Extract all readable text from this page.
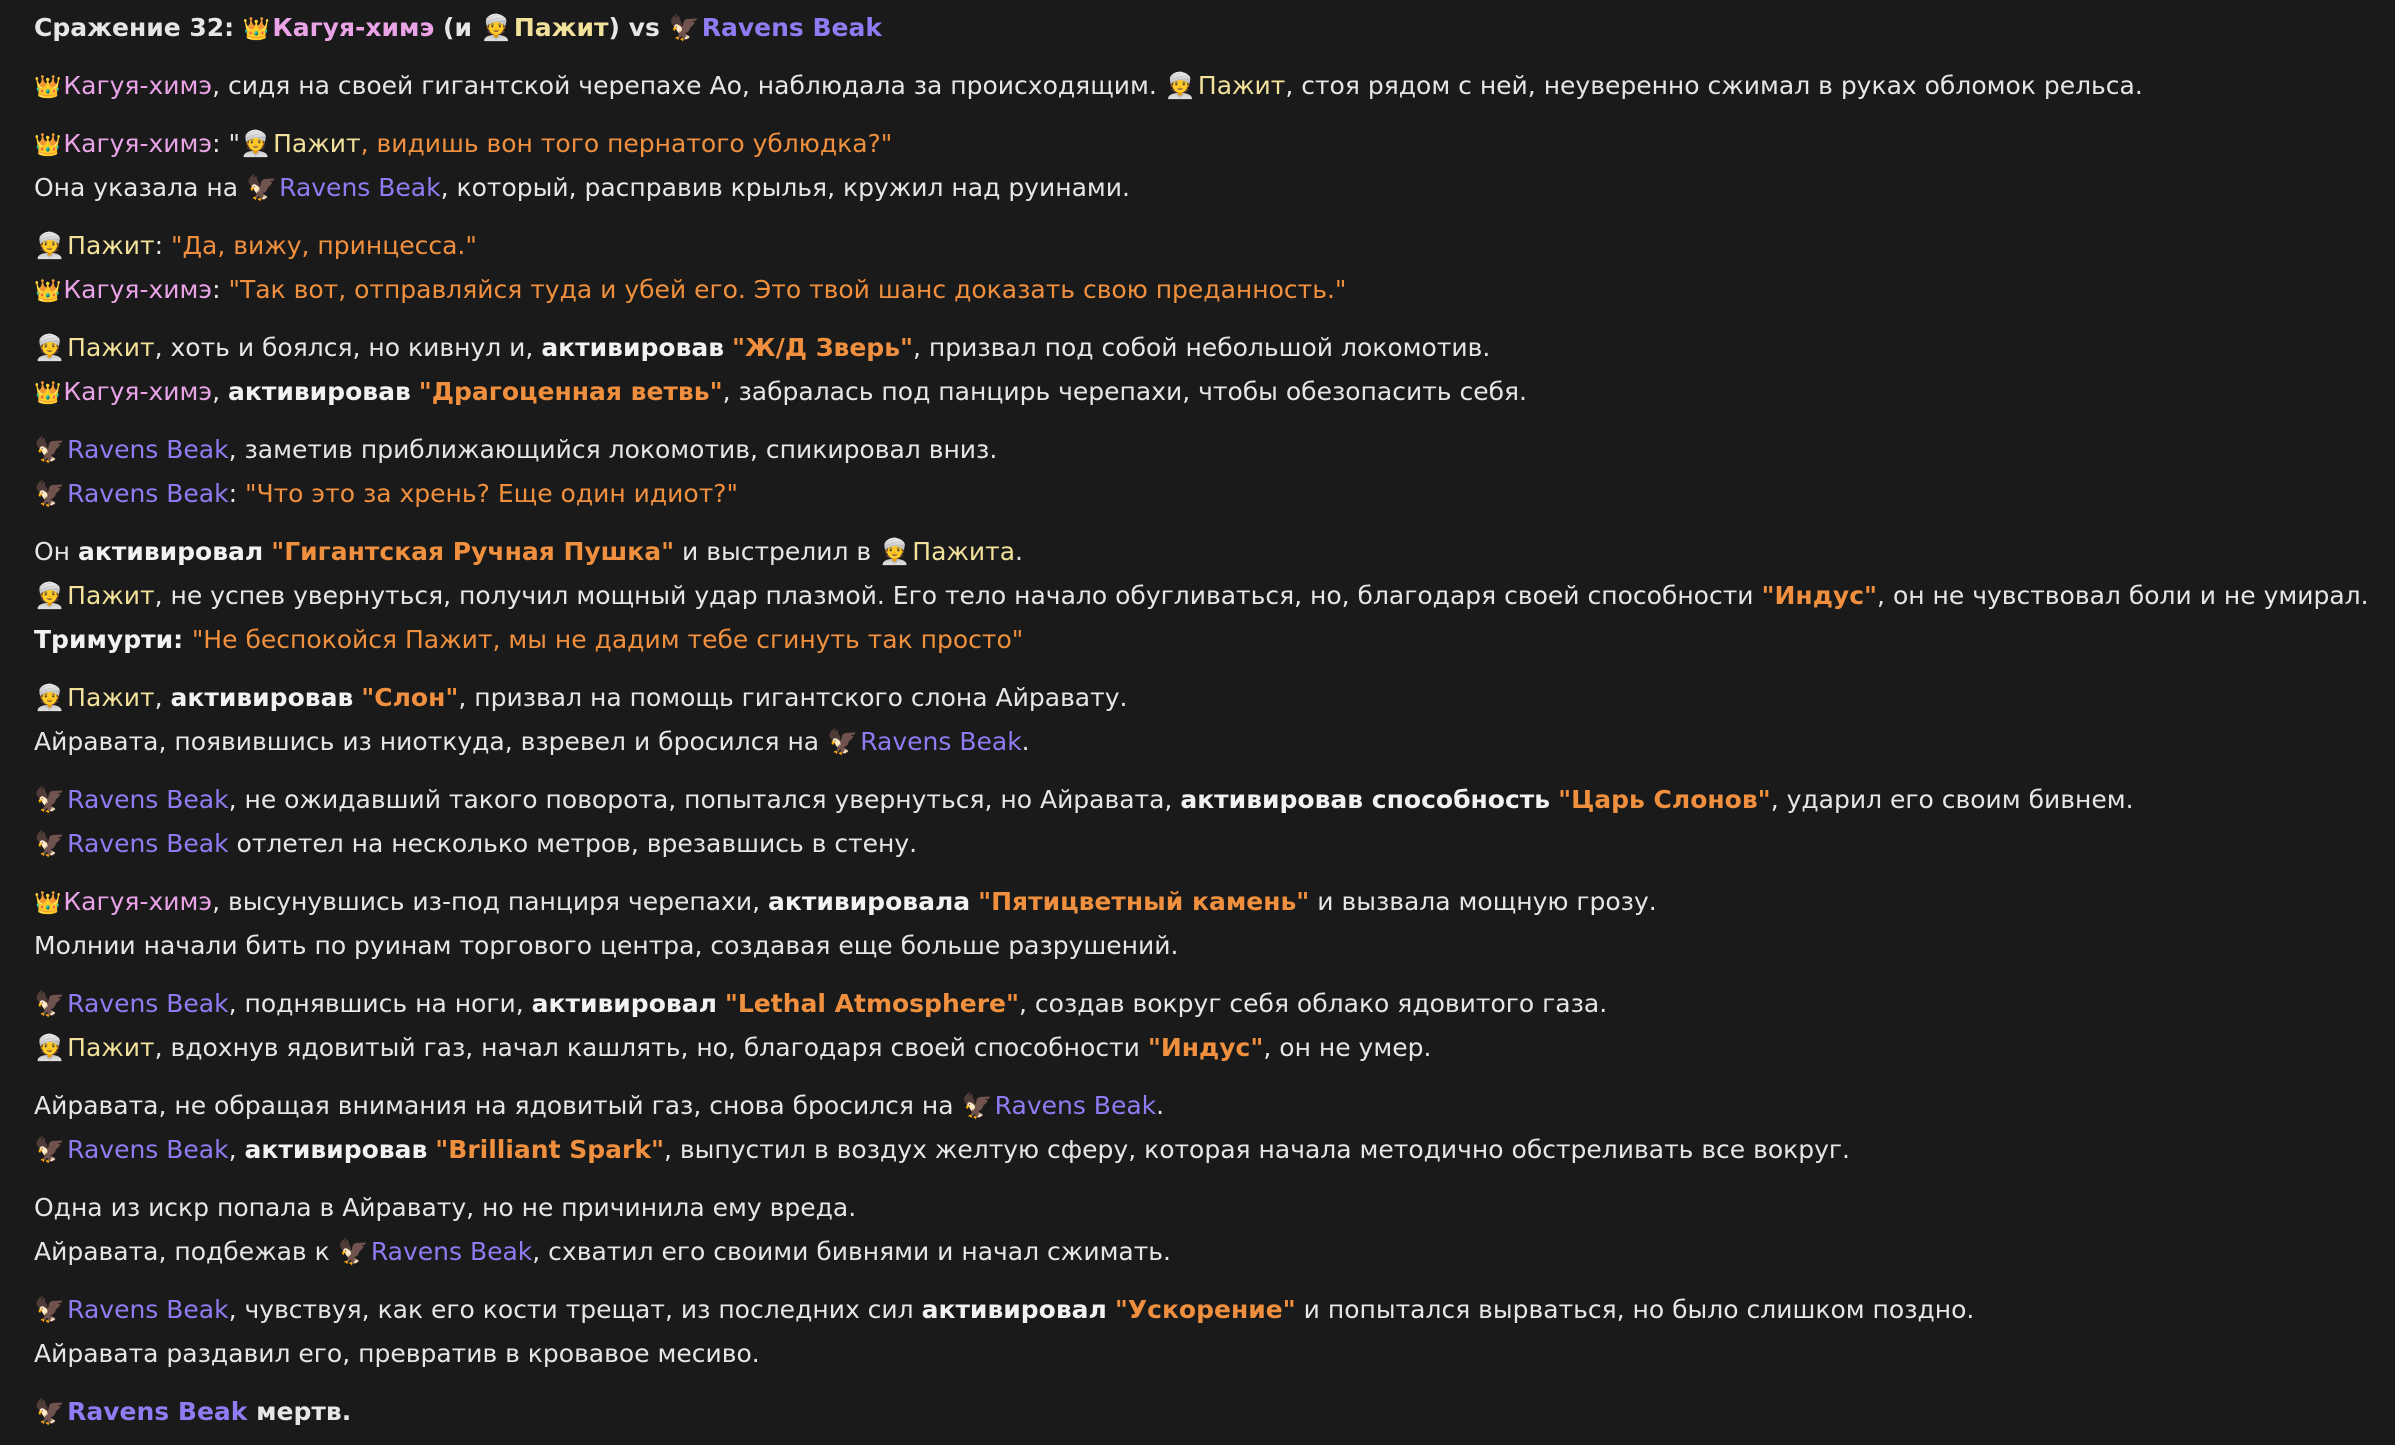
Сражение 32: 👑Кагуя-химэ (и 👳Пажит) vs 🦅Ravens Beak
👑Кагуя-химэ, сидя на своей гигантской черепахе Ао, наблюдала за происходящим. 👳Пажит, стоя рядом с ней, неуверенно сжимал в руках обломок рельса.
👑Кагуя-химэ: "👳Пажит, видишь вон того пернатого ублюдка?"
Она указала на 🦅Ravens Beak, который, расправив крылья, кружил над руинами.
👳Пажит: "Да, вижу, принцесса."
👑Кагуя-химэ: "Так вот, отправляйся туда и убей его. Это твой шанс доказать свою преданность."
👳Пажит, хоть и боялся, но кивнул и, активировав "Ж/Д Зверь", призвал под собой небольшой локомотив.
👑Кагуя-химэ, активировав "Драгоценная ветвь", забралась под панцирь черепахи, чтобы обезопасить себя.
🦅Ravens Beak, заметив приближающийся локомотив, спикировал вниз.
🦅Ravens Beak: "Что это за хрень? Еще один идиот?"
Он активировал "Гигантская Ручная Пушка" и выстрелил в 👳Пажита.
👳Пажит, не успев увернуться, получил мощный удар плазмой. Его тело начало обугливаться, но, благодаря своей способности "Индус", он не чувствовал боли и не умирал.
Тримурти: "Не беспокойся Пажит, мы не дадим тебе сгинуть так просто"
👳Пажит, активировав "Слон", призвал на помощь гигантского слона Айравату.
Айравата, появившись из ниоткуда, взревел и бросился на 🦅Ravens Beak.
🦅Ravens Beak, не ожидавший такого поворота, попытался увернуться, но Айравата, активировав способность "Царь Слонов", ударил его своим бивнем.
🦅Ravens Beak отлетел на несколько метров, врезавшись в стену.
👑Кагуя-химэ, высунувшись из-под панциря черепахи, активировала "Пятицветный камень" и вызвала мощную грозу.
Молнии начали бить по руинам торгового центра, создавая еще больше разрушений.
🦅Ravens Beak, поднявшись на ноги, активировал "Lethal Atmosphere", создав вокруг себя облако ядовитого газа.
👳Пажит, вдохнув ядовитый газ, начал кашлять, но, благодаря своей способности "Индус", он не умер.
Айравата, не обращая внимания на ядовитый газ, снова бросился на 🦅Ravens Beak.
🦅Ravens Beak, активировав "Brilliant Spark", выпустил в воздух желтую сферу, которая начала методично обстреливать все вокруг.
Одна из искр попала в Айравату, но не причинила ему вреда.
Айравата, подбежав к 🦅Ravens Beak, схватил его своими бивнями и начал сжимать.
🦅Ravens Beak, чувствуя, как его кости трещат, из последних сил активировал "Ускорение" и попытался вырваться, но было слишком поздно.
Айравата раздавил его, превратив в кровавое месиво.
🦅Ravens Beak мертв.
